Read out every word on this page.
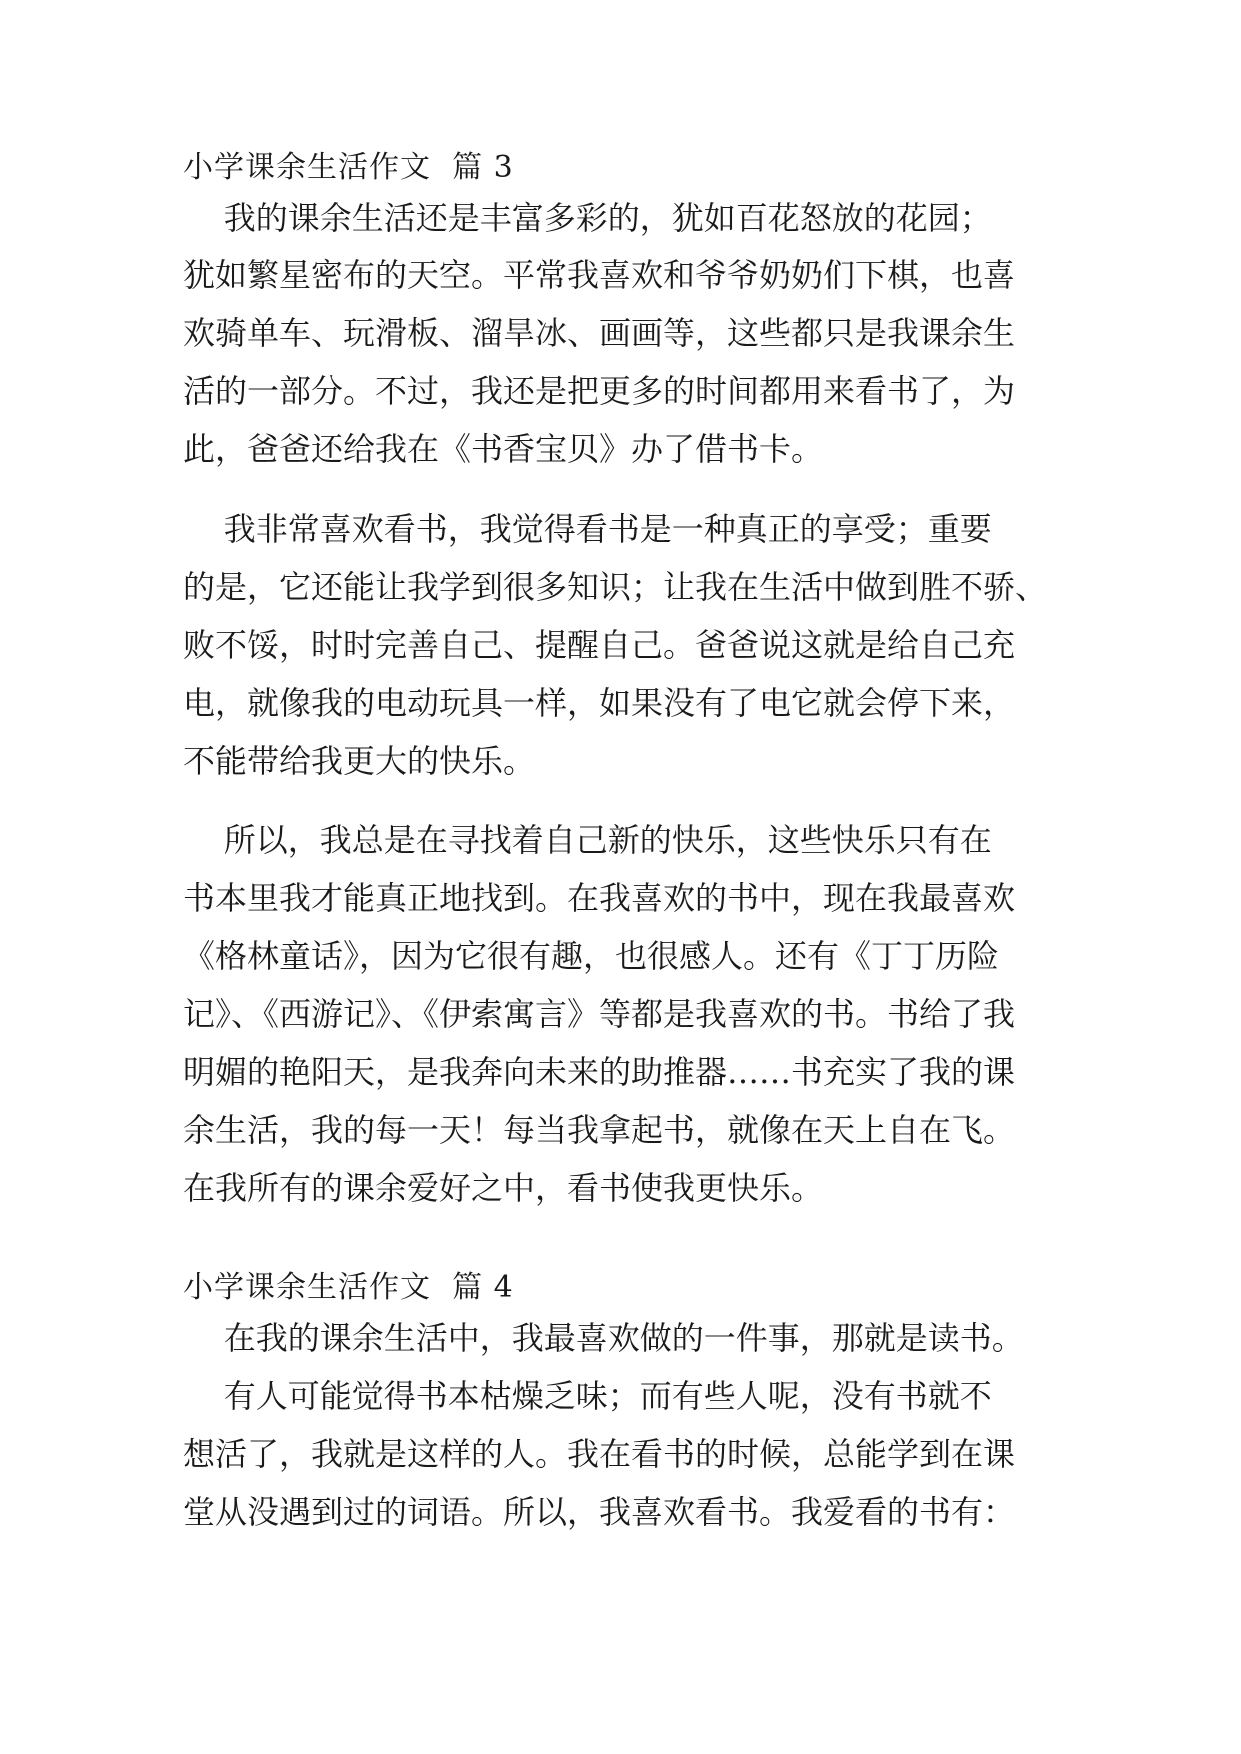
小学课余生活作文  篇 3
我的课余生活还是丰富多彩的，犹如百花怒放的花园；
犹如繁星密布的天空。平常我喜欢和爷爷奶奶们下棋，也喜
欢骑单车、玩滑板、溜旱冰、画画等，这些都只是我课余生
活的一部分。不过，我还是把更多的时间都用来看书了，为
此，爸爸还给我在《书香宝贝》办了借书卡。
我非常喜欢看书，我觉得看书是一种真正的享受；重要
的是，它还能让我学到很多知识；让我在生活中做到胜不骄、
败不馁，时时完善自己、提醒自己。爸爸说这就是给自己充
电，就像我的电动玩具一样，如果没有了电它就会停下来，
不能带给我更大的快乐。
所以，我总是在寻找着自己新的快乐，这些快乐只有在
书本里我才能真正地找到。在我喜欢的书中，现在我最喜欢
《格林童话》，因为它很有趣，也很感人。还有《丁丁历险
记》、《西游记》、《伊索寓言》等都是我喜欢的书。书给了我
明媚的艳阳天，是我奔向未来的助推器……书充实了我的课
余生活，我的每一天！每当我拿起书，就像在天上自在飞。
在我所有的课余爱好之中，看书使我更快乐。
小学课余生活作文  篇 4
在我的课余生活中，我最喜欢做的一件事，那就是读书。
有人可能觉得书本枯燥乏味；而有些人呢，没有书就不
想活了，我就是这样的人。我在看书的时候，总能学到在课
堂从没遇到过的词语。所以，我喜欢看书。我爱看的书有：
